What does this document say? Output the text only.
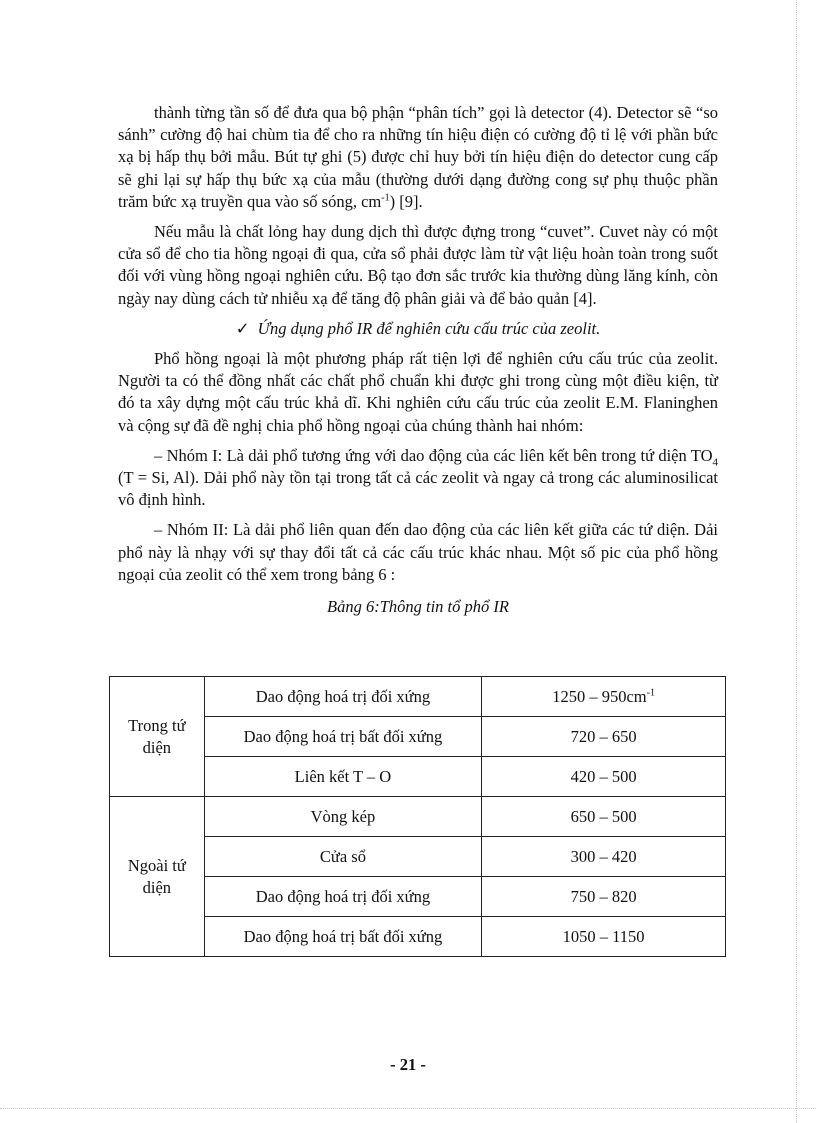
thành từng tần số để đưa qua bộ phận “phân tích” gọi là detector (4). Detector sẽ “so sánh” cường độ hai chùm tia để cho ra những tín hiệu điện có cường độ tỉ lệ với phần bức xạ bị hấp thụ bởi mẫu. Bút tự ghi (5) được chỉ huy bởi tín hiệu điện do detector cung cấp sẽ ghi lại sự hấp thụ bức xạ của mẫu (thường dưới dạng đường cong sự phụ thuộc phần trăm bức xạ truyền qua vào số sóng, $cm^{-1}$) [9].

Nếu mẫu là chất lỏng hay dung dịch thì được đựng trong “cuvet”. Cuvet này có một cửa sổ để cho tia hồng ngoại đi qua, cửa sổ phải được làm từ vật liệu hoàn toàn trong suốt đối với vùng hồng ngoại nghiên cứu. Bộ tạo đơn sắc trước kia thường dùng lăng kính, còn ngày nay dùng cách tử nhiễu xạ để tăng độ phân giải và để bảo quản [4].

✓ Ứng dụng phổ IR để nghiên cứu cấu trúc của zeolit.

Phổ hồng ngoại là một phương pháp rất tiện lợi để nghiên cứu cấu trúc của zeolit. Người ta có thể đồng nhất các chất phổ chuẩn khi được ghi trong cùng một điều kiện, từ đó ta xây dựng một cấu trúc khả dĩ. Khi nghiên cứu cấu trúc của zeolit E.M. Flaninghen và cộng sự đã đề nghị chia phổ hồng ngoại của chúng thành hai nhóm:

– Nhóm I: Là dải phổ tương ứng với dao động của các liên kết bên trong tứ diện $TO_4$ (T = Si, Al). Dải phổ này tồn tại trong tất cả các zeolit và ngay cả trong các aluminosilicat vô định hình.

– Nhóm II: Là dải phổ liên quan đến dao động của các liên kết giữa các tứ diện. Dải phổ này là nhạy với sự thay đổi tất cả các cấu trúc khác nhau. Một số pic của phổ hồng ngoại của zeolit có thể xem trong bảng 6 :

Bảng 6:Thông tin tổ phổ IR

Trong tứ diện	Dao động hoá trị đối xứng	$1250 - 950cm^{-1}$
	Dao động hoá trị bất đối xứng	720 – 650
	Liên kết T – O	420 – 500
Ngoài tứ diện	Vòng kép	650 – 500
	Cửa sổ	300 – 420
	Dao động hoá trị đối xứng	750 – 820
	Dao động hoá trị bất đối xứng	1050 – 1150
- 21 -
